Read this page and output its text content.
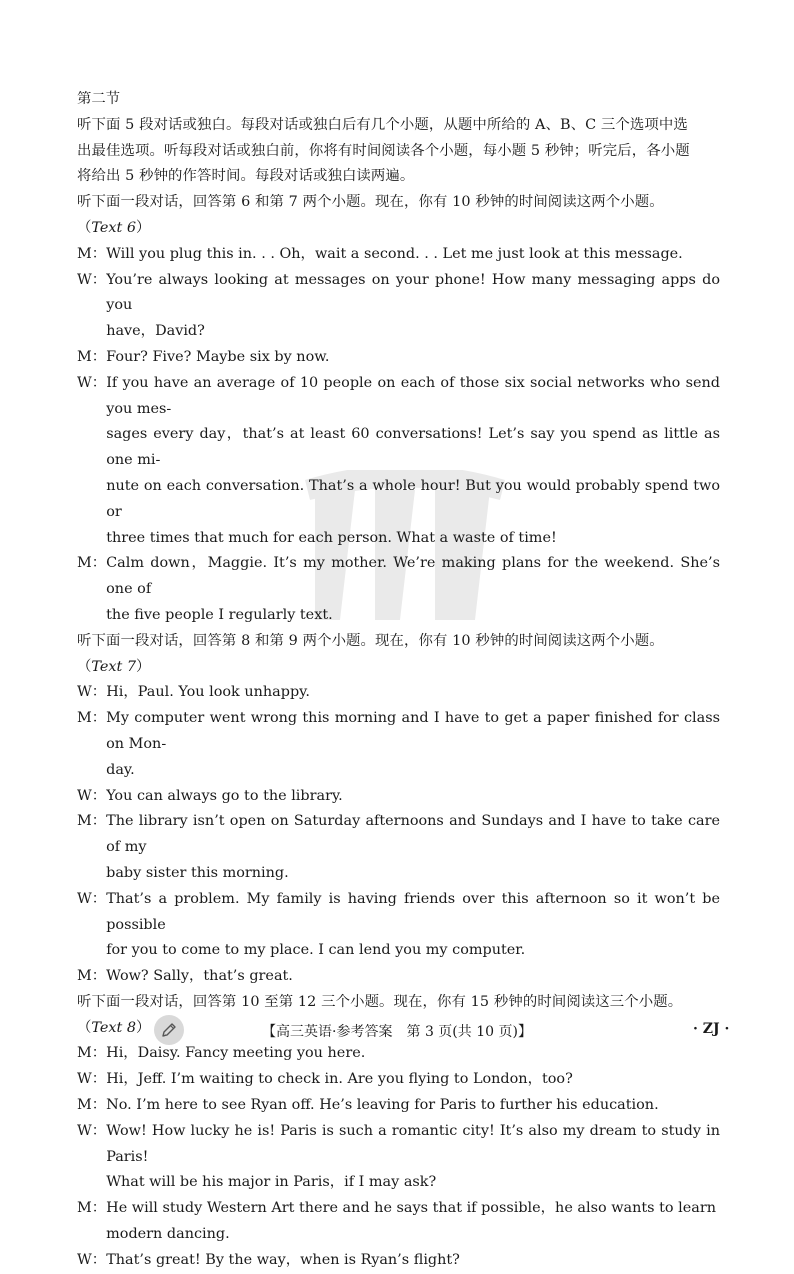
第二节
听下面 5 段对话或独白。每段对话或独白后有几个小题，从题中所给的 A、B、C 三个选项中选
出最佳选项。听每段对话或独白前，你将有时间阅读各个小题，每小题 5 秒钟；听完后，各小题
将给出 5 秒钟的作答时间。每段对话或独白读两遍。
听下面一段对话，回答第 6 和第 7 两个小题。现在，你有 10 秒钟的时间阅读这两个小题。
（Text 6）
M： Will you plug this in. . . Oh，wait a second. . . Let me just look at this message.
W： You’re always looking at messages on your phone! How many messaging apps do you
have，David?
M： Four? Five? Maybe six by now.
W： If you have an average of 10 people on each of those six social networks who send you mes-
sages every day，that’s at least 60 conversations! Let’s say you spend as little as one mi-
nute on each conversation. That’s a whole hour! But you would probably spend two or
three times that much for each person. What a waste of time!
M： Calm down，Maggie. It’s my mother. We’re making plans for the weekend. She’s one of
the five people I regularly text.
听下面一段对话，回答第 8 和第 9 两个小题。现在，你有 10 秒钟的时间阅读这两个小题。
（Text 7）
W： Hi，Paul. You look unhappy.
M： My computer went wrong this morning and I have to get a paper finished for class on Mon-
day.
W： You can always go to the library.
M： The library isn’t open on Saturday afternoons and Sundays and I have to take care of my
baby sister this morning.
W： That’s a problem. My family is having friends over this afternoon so it won’t be possible
for you to come to my place. I can lend you my computer.
M： Wow? Sally，that’s great.
听下面一段对话，回答第 10 至第 12 三个小题。现在，你有 15 秒钟的时间阅读这三个小题。
（Text 8）
M： Hi，Daisy. Fancy meeting you here.
W： Hi，Jeff. I’m waiting to check in. Are you flying to London，too?
M： No. I’m here to see Ryan off. He’s leaving for Paris to further his education.
W： Wow! How lucky he is! Paris is such a romantic city! It’s also my dream to study in Paris!
What will be his major in Paris，if I may ask?
M： He will study Western Art there and he says that if possible，he also wants to learn
modern dancing.
W： That’s great! By the way，when is Ryan’s flight?
【高三英语·参考答案　第 3 页(共 10 页)】	· ZJ ·
